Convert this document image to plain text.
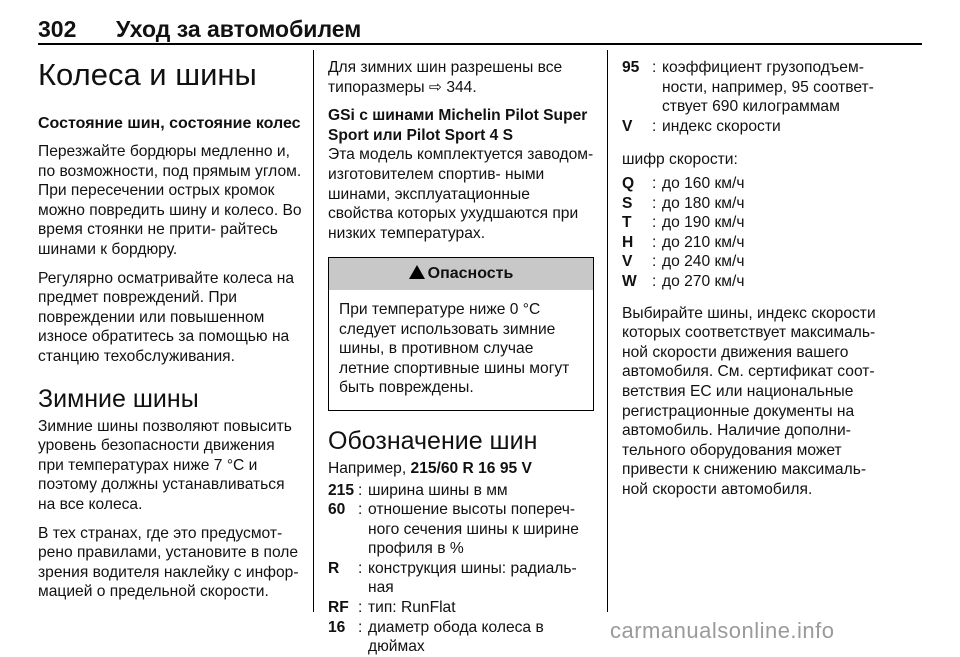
302 Уход за автомобилем
Колеса и шины
Состояние шин, состояние колес

Перезжайте бордюры медленно и, по возможности, под прямым углом. При пересечении острых кромок можно повредить шину и колесо. Во время стоянки не прити- райтесь шинами к бордюру.

Регулярно осматривайте колеса на предмет повреждений. При повреждении или повышенном износе обратитесь за помощью на станцию техобслуживания.

Зимние шины

Зимние шины позволяют повысить уровень безопасности движения при температурах ниже 7 °C и поэтому должны устанавливаться на все колеса.

В тех странах, где это предусмот- рено правилами, установите в поле зрения водителя наклейку с инфор- мацией о предельной скорости.

Для зимних шин разрешены все типоразмеры ⇨ 344.

GSi с шинами Michelin Pilot Super Sport или Pilot Sport 4 S

Эта модель комплектуется заводом-изготовителем спортив- ными шинами, эксплуатационные свойства которых ухудшаются при низких температурах.

Опасность
При температуре ниже 0 °C следует использовать зимние шины, в противном случае летние спортивные шины могут быть повреждены.
Обозначение шин
Например, 215/60 R 16 95 V
215 : ширина шины в мм
60 : отношение высоты попереч- ного сечения шины к ширине профиля в %
R	: конструкция шины: радиаль- ная
RF : тип: RunFlat
16 : диаметр обода колеса в дюймах
95 : коэффициент грузоподъем- ности, например, 95 соответ- ствует 690 килограммам
V	: индекс скорости

шифр скорости:

Q	: до 160 км/ч
S	: до 180 км/ч
T	: до 190 км/ч
H	: до 210 км/ч
V	: до 240 км/ч
W : до 270 км/ч

Выбирайте шины, индекс скорости которых соответствует максималь- ной скорости движения вашего автомобиля. См. сертификат соот- ветствия ЕС или национальные регистрационные документы на автомобиль. Наличие дополни- тельного оборудования может привести к снижению максималь- ной скорости автомобиля.

carmanualsonline.info
